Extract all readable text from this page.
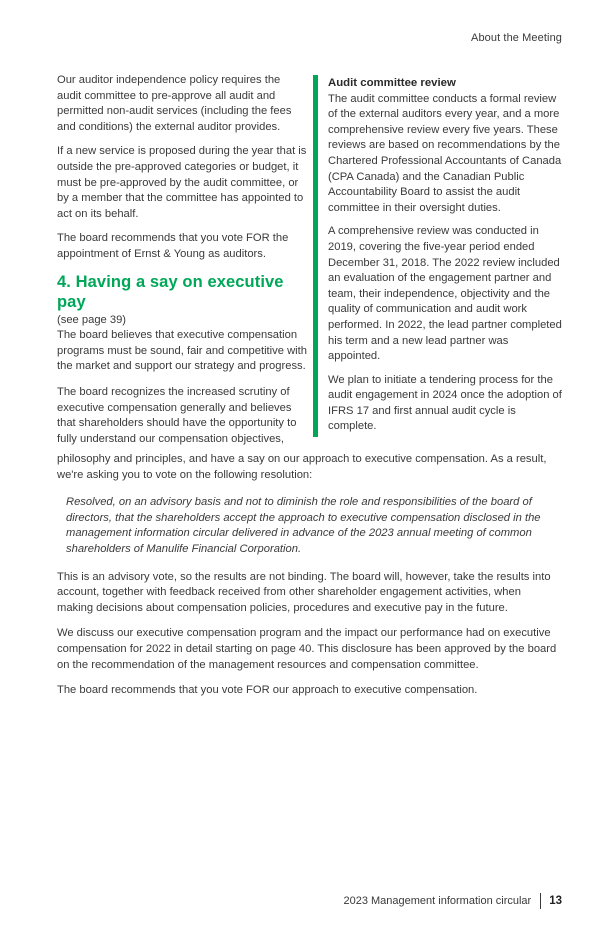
About the Meeting

Our auditor independence policy requires the audit committee to pre-approve all audit and permitted non-audit services (including the fees and conditions) the external auditor provides.

If a new service is proposed during the year that is outside the pre-approved categories or budget, it must be pre-approved by the audit committee, or by a member that the committee has appointed to act on its behalf.

The board recommends that you vote FOR the appointment of Ernst & Young as auditors.

4. Having a say on executive pay
(see page 39)

The board believes that executive compensation programs must be sound, fair and competitive with the market and support our strategy and progress.

The board recognizes the increased scrutiny of executive compensation generally and believes that shareholders should have the opportunity to fully understand our compensation objectives,

Audit committee review

The audit committee conducts a formal review of the external auditors every year, and a more comprehensive review every five years. These reviews are based on recommendations by the Chartered Professional Accountants of Canada (CPA Canada) and the Canadian Public Accountability Board to assist the audit committee in their oversight duties.

A comprehensive review was conducted in 2019, covering the five-year period ended December 31, 2018. The 2022 review included an evaluation of the engagement partner and team, their independence, objectivity and the quality of communication and audit work performed. In 2022, the lead partner completed his term and a new lead partner was appointed.

We plan to initiate a tendering process for the audit engagement in 2024 once the adoption of IFRS 17 and first annual audit cycle is complete.

philosophy and principles, and have a say on our approach to executive compensation. As a result, we're asking you to vote on the following resolution:

Resolved, on an advisory basis and not to diminish the role and responsibilities of the board of directors, that the shareholders accept the approach to executive compensation disclosed in the management information circular delivered in advance of the 2023 annual meeting of common shareholders of Manulife Financial Corporation.

This is an advisory vote, so the results are not binding. The board will, however, take the results into account, together with feedback received from other shareholder engagement activities, when making decisions about compensation policies, procedures and executive pay in the future.

We discuss our executive compensation program and the impact our performance had on executive compensation for 2022 in detail starting on page 40. This disclosure has been approved by the board on the recommendation of the management resources and compensation committee.

The board recommends that you vote FOR our approach to executive compensation.

2023 Management information circular 13
